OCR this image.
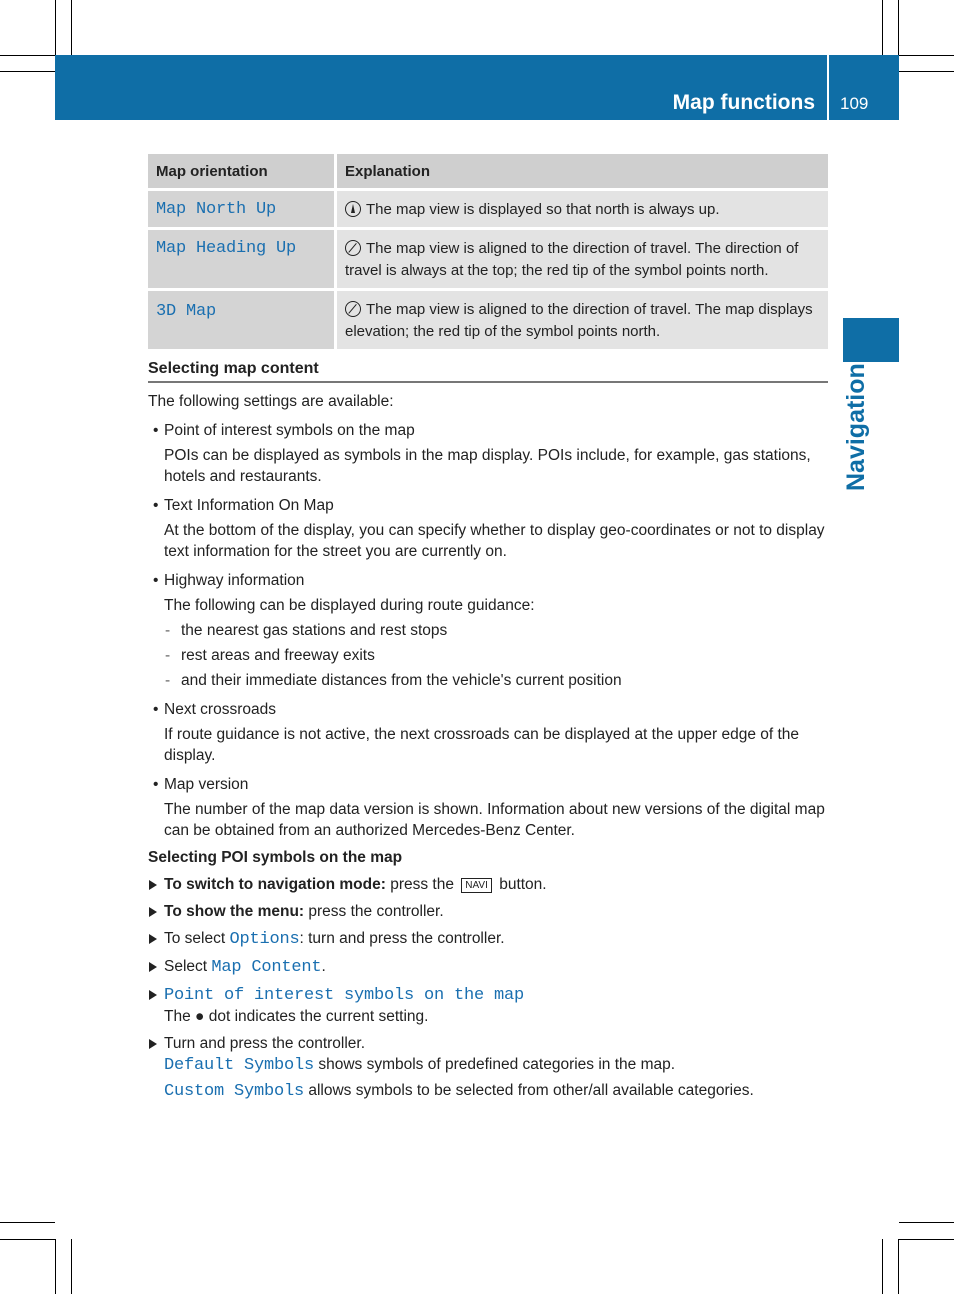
Map functions 109
Navigation
Map orientation	Explanation
Map North Up	The map view is displayed so that north is always up.
Map Heading Up	The map view is aligned to the direction of travel. The direction of travel is always at the top; the red tip of the symbol points north.
3D Map	The map view is aligned to the direction of travel. The map displays elevation; the red tip of the symbol points north.
Selecting map content

The following settings are available:

• Point of interest symbols on the map
POIs can be displayed as symbols in the map display. POIs include, for example, gas stations, hotels and restaurants.
• Text Information On Map
At the bottom of the display, you can specify whether to display geo-coordinates or not to display text information for the street you are currently on.
• Highway information
The following can be displayed during route guidance:
- the nearest gas stations and rest stops
- rest areas and freeway exits
- and their immediate distances from the vehicle's current position
• Next crossroads
If route guidance is not active, the next crossroads can be displayed at the upper edge of the display.
• Map version
The number of the map data version is shown. Information about new versions of the digital map can be obtained from an authorized Mercedes-Benz Center.
Selecting POI symbols on the map
To switch to navigation mode: press the NAVI button.
To show the menu: press the controller.
To select Options: turn and press the controller.
Select Map Content.
Point of interest symbols on the map
The ● dot indicates the current setting.
Turn and press the controller.
Default Symbols shows symbols of predefined categories in the map.
Custom Symbols allows symbols to be selected from other/all available categories.
